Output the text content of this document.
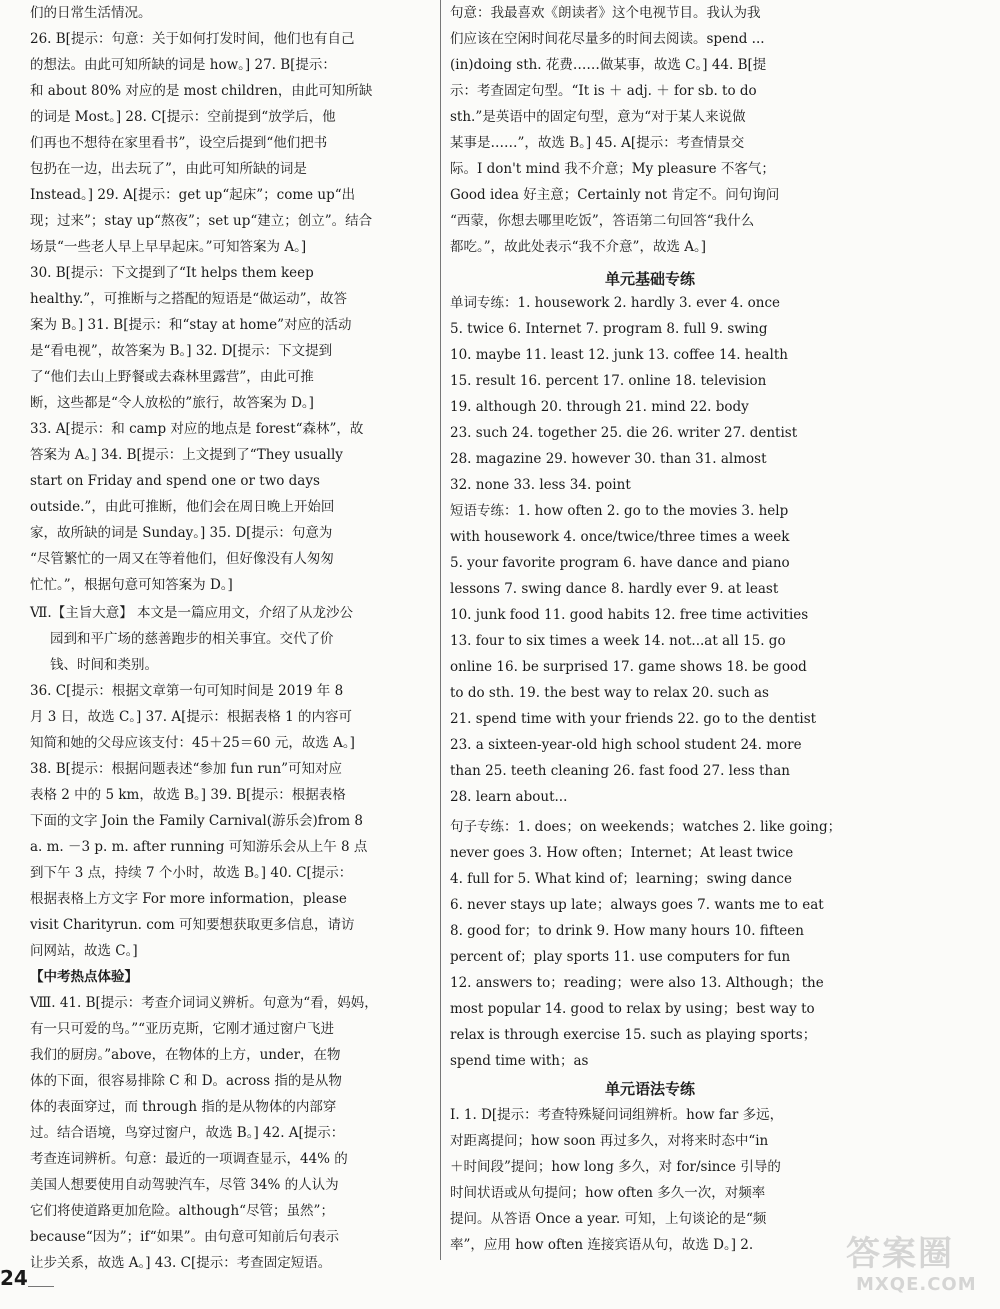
们的日常生活情况。
26. B[提示：句意：关于如何打发时间，他们也有自己
的想法。由此可知所缺的词是 how。] 27. B[提示：
和 about 80% 对应的是 most children，由此可知所缺
的词是 Most。] 28. C[提示：空前提到“放学后，他
们再也不想待在家里看书”，设空后提到“他们把书
包扔在一边，出去玩了”，由此可知所缺的词是
Instead。] 29. A[提示：get up“起床”；come up“出
现；过来”；stay up“熬夜”；set up“建立；创立”。结合
场景“一些老人早上早早起床。”可知答案为 A。]
30. B[提示：下文提到了“It helps them keep
healthy.”，可推断与之搭配的短语是“做运动”，故答
案为 B。] 31. B[提示：和“stay at home”对应的活动
是“看电视”，故答案为 B。] 32. D[提示：下文提到
了“他们去山上野餐或去森林里露营”，由此可推
断，这些都是“令人放松的”旅行，故答案为 D。]
33. A[提示：和 camp 对应的地点是 forest“森林”，故
答案为 A。] 34. B[提示：上文提到了“They usually
start on Friday and spend one or two days
outside.”，由此可推断，他们会在周日晚上开始回
家，故所缺的词是 Sunday。] 35. D[提示：句意为
“尽管繁忙的一周又在等着他们，但好像没有人匆匆
忙忙。”，根据句意可知答案为 D。]
Ⅶ.【主旨大意】 本文是一篇应用文，介绍了从龙沙公
园到和平广场的慈善跑步的相关事宜。交代了价
钱、时间和类别。
36. C[提示：根据文章第一句可知时间是 2019 年 8
月 3 日，故选 C。] 37. A[提示：根据表格 1 的内容可
知简和她的父母应该支付：45＋25＝60 元，故选 A。]
38. B[提示：根据问题表述“参加 fun run”可知对应
表格 2 中的 5 km，故选 B。] 39. B[提示：根据表格
下面的文字 Join the Family Carnival(游乐会)from 8
a. m. －3 p. m. after running 可知游乐会从上午 8 点
到下午 3 点，持续 7 个小时，故选 B。] 40. C[提示：
根据表格上方文字 For more information，please
visit Charityrun. com 可知要想获取更多信息，请访
问网站，故选 C。]
【中考热点体验】
Ⅷ. 41. B[提示：考查介词词义辨析。句意为“看，妈妈，
有一只可爱的鸟。”“亚历克斯，它刚才通过窗户飞进
我们的厨房。”above，在物体的上方，under，在物
体的下面，很容易排除 C 和 D。across 指的是从物
体的表面穿过，而 through 指的是从物体的内部穿
过。结合语境，鸟穿过窗户，故选 B。] 42. A[提示：
考查连词辨析。句意：最近的一项调查显示，44% 的
美国人想要使用自动驾驶汽车，尽管 34% 的人认为
它们将使道路更加危险。although“尽管；虽然”；
because“因为”；if“如果”。由句意可知前后句表示
让步关系，故选 A。] 43. C[提示：考查固定短语。
句意：我最喜欢《朗读者》这个电视节目。我认为我
们应该在空闲时间花尽量多的时间去阅读。spend ...
(in)doing sth. 花费……做某事，故选 C。] 44. B[提
示：考查固定句型。“It is ＋ adj. ＋ for sb. to do
sth.”是英语中的固定句型，意为“对于某人来说做
某事是……”，故选 B。] 45. A[提示：考查情景交
际。I don't mind 我不介意；My pleasure 不客气；
Good idea 好主意；Certainly not 肯定不。问句询问
“西蒙，你想去哪里吃饭”，答语第二句回答“我什么
都吃。”，故此处表示“我不介意”，故选 A。]
单元基础专练
单词专练：1. housework 2. hardly 3. ever 4. once
5. twice 6. Internet 7. program 8. full 9. swing
10. maybe 11. least 12. junk 13. coffee 14. health
15. result 16. percent 17. online 18. television
19. although 20. through 21. mind 22. body
23. such 24. together 25. die 26. writer 27. dentist
28. magazine 29. however 30. than 31. almost
32. none 33. less 34. point
短语专练：1. how often 2. go to the movies 3. help
with housework 4. once/twice/three times a week
5. your favorite program 6. have dance and piano
lessons 7. swing dance 8. hardly ever 9. at least
10. junk food 11. good habits 12. free time activities
13. four to six times a week 14. not...at all 15. go
online 16. be surprised 17. game shows 18. be good
to do sth. 19. the best way to relax 20. such as
21. spend time with your friends 22. go to the dentist
23. a sixteen-year-old high school student 24. more
than 25. teeth cleaning 26. fast food 27. less than
28. learn about...
句子专练：1. does；on weekends；watches 2. like going；
never goes 3. How often；Internet；At least twice
4. full for 5. What kind of；learning；swing dance
6. never stays up late；always goes 7. wants me to eat
8. good for；to drink 9. How many hours 10. fifteen
percent of；play sports 11. use computers for fun
12. answers to；reading；were also 13. Although；the
most popular 14. good to relax by using；best way to
relax is through exercise 15. such as playing sports；
spend time with；as
单元语法专练
Ⅰ. 1. D[提示：考查特殊疑问词组辨析。how far 多远，
对距离提问；how soon 再过多久，对将来时态中“in
＋时间段”提问；how long 多久，对 for/since 引导的
时间状语或从句提问；how often 多久一次，对频率
提问。从答语 Once a year. 可知，上句谈论的是“频
率”，应用 how often 连接宾语从句，故选 D。] 2.
24
答案圈
MXQE.COM
